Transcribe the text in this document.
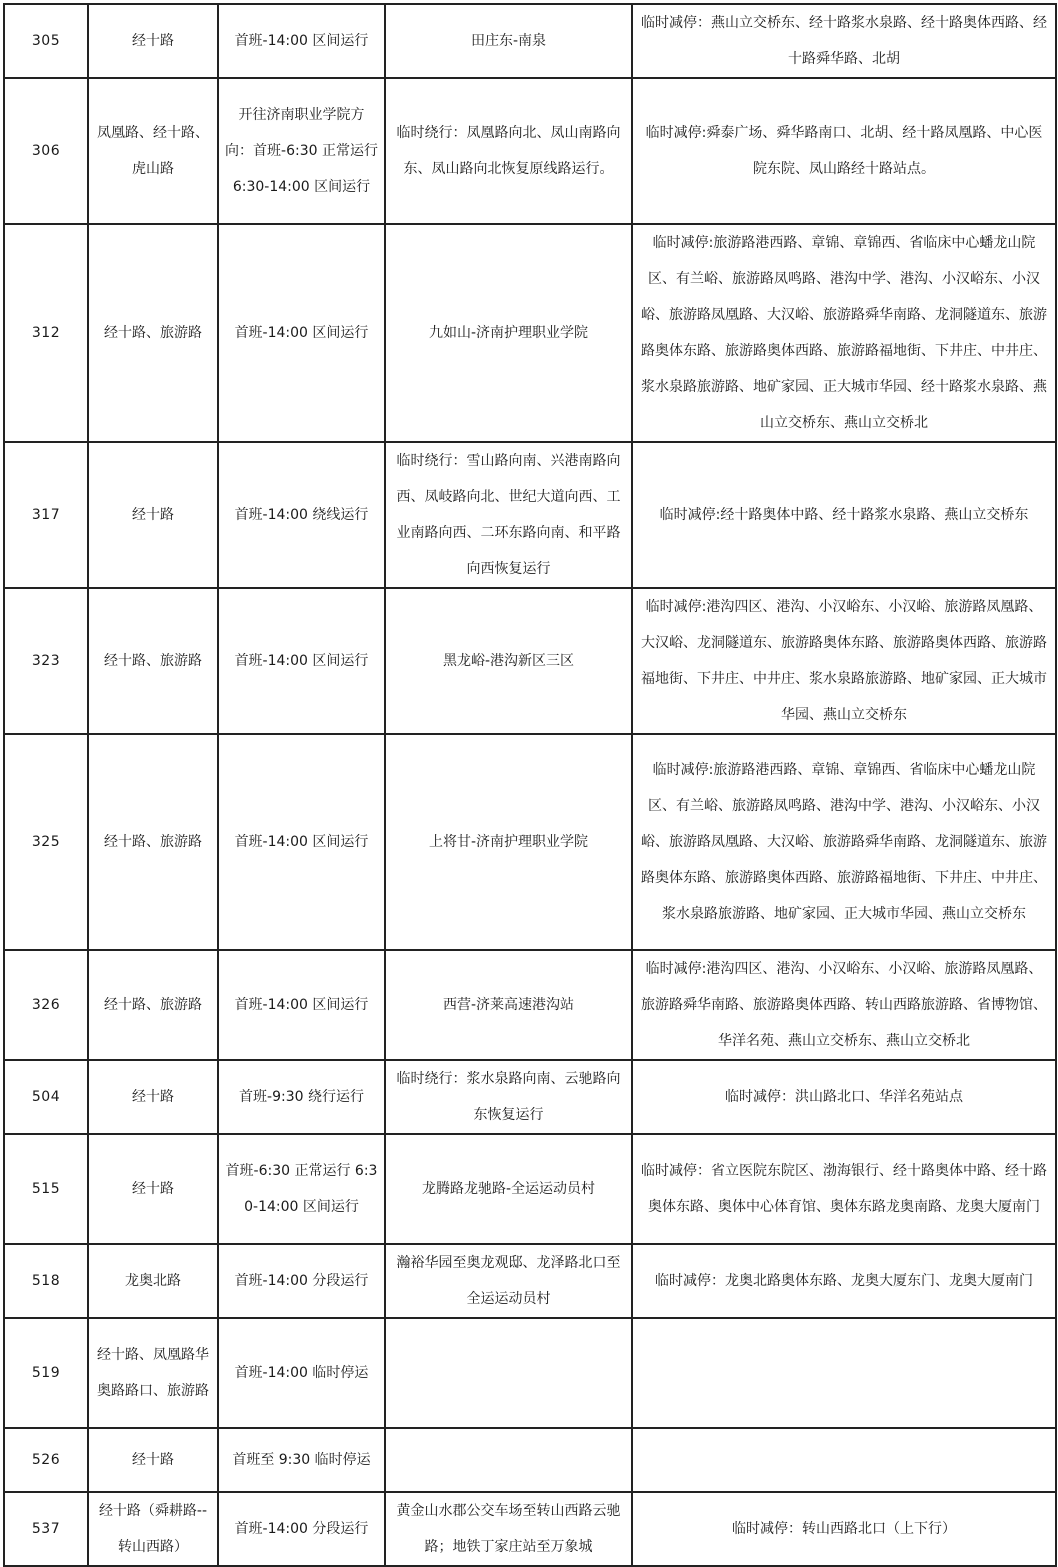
305	经十路	首班-14:00 区间运行	田庄东-南泉	临时减停：燕山立交桥东、经十路浆水泉路、经十路奥体西路、经十路舜华路、北胡
306	凤凰路、经十路、虎山路	开往济南职业学院方向：首班-6:30 正常运行 6:30-14:00 区间运行	临时绕行：凤凰路向北、凤山南路向东、凤山路向北恢复原线路运行。	临时减停:舜泰广场、舜华路南口、北胡、经十路凤凰路、中心医院东院、凤山路经十路站点。
312	经十路、旅游路	首班-14:00 区间运行	九如山-济南护理职业学院	临时减停:旅游路港西路、章锦、章锦西、省临床中心蟠龙山院区、有兰峪、旅游路凤鸣路、港沟中学、港沟、小汉峪东、小汉峪、旅游路凤凰路、大汉峪、旅游路舜华南路、龙洞隧道东、旅游路奥体东路、旅游路奥体西路、旅游路福地街、下井庄、中井庄、浆水泉路旅游路、地矿家园、正大城市华园、经十路浆水泉路、燕山立交桥东、燕山立交桥北
317	经十路	首班-14:00 绕线运行	临时绕行：雪山路向南、兴港南路向西、凤岐路向北、世纪大道向西、工业南路向西、二环东路向南、和平路向西恢复运行	临时减停:经十路奥体中路、经十路浆水泉路、燕山立交桥东
323	经十路、旅游路	首班-14:00 区间运行	黑龙峪-港沟新区三区	临时减停:港沟四区、港沟、小汉峪东、小汉峪、旅游路凤凰路、大汉峪、龙洞隧道东、旅游路奥体东路、旅游路奥体西路、旅游路福地街、下井庄、中井庄、浆水泉路旅游路、地矿家园、正大城市华园、燕山立交桥东
325	经十路、旅游路	首班-14:00 区间运行	上将甘-济南护理职业学院	临时减停:旅游路港西路、章锦、章锦西、省临床中心蟠龙山院区、有兰峪、旅游路凤鸣路、港沟中学、港沟、小汉峪东、小汉峪、旅游路凤凰路、大汉峪、旅游路舜华南路、龙洞隧道东、旅游路奥体东路、旅游路奥体西路、旅游路福地街、下井庄、中井庄、浆水泉路旅游路、地矿家园、正大城市华园、燕山立交桥东
326	经十路、旅游路	首班-14:00 区间运行	西营-济莱高速港沟站	临时减停:港沟四区、港沟、小汉峪东、小汉峪、旅游路凤凰路、旅游路舜华南路、旅游路奥体西路、转山西路旅游路、省博物馆、华洋名苑、燕山立交桥东、燕山立交桥北
504	经十路	首班-9:30 绕行运行	临时绕行：浆水泉路向南、云驰路向东恢复运行	临时减停：洪山路北口、华洋名苑站点
515	经十路	首班-6:30 正常运行 6:30-14:00 区间运行	龙腾路龙驰路-全运运动员村	临时减停：省立医院东院区、渤海银行、经十路奥体中路、经十路奥体东路、奥体中心体育馆、奥体东路龙奥南路、龙奥大厦南门
518	龙奥北路	首班-14:00 分段运行	瀚裕华园至奥龙观邸、龙泽路北口至全运运动员村	临时减停：龙奥北路奥体东路、龙奥大厦东门、龙奥大厦南门
519	经十路、凤凰路华奥路路口、旅游路	首班-14:00 临时停运		
526	经十路	首班至 9:30 临时停运		
537	经十路（舜耕路--转山西路）	首班-14:00 分段运行	黄金山水郡公交车场至转山西路云驰路；地铁丁家庄站至万象城	临时减停：转山西路北口（上下行）
